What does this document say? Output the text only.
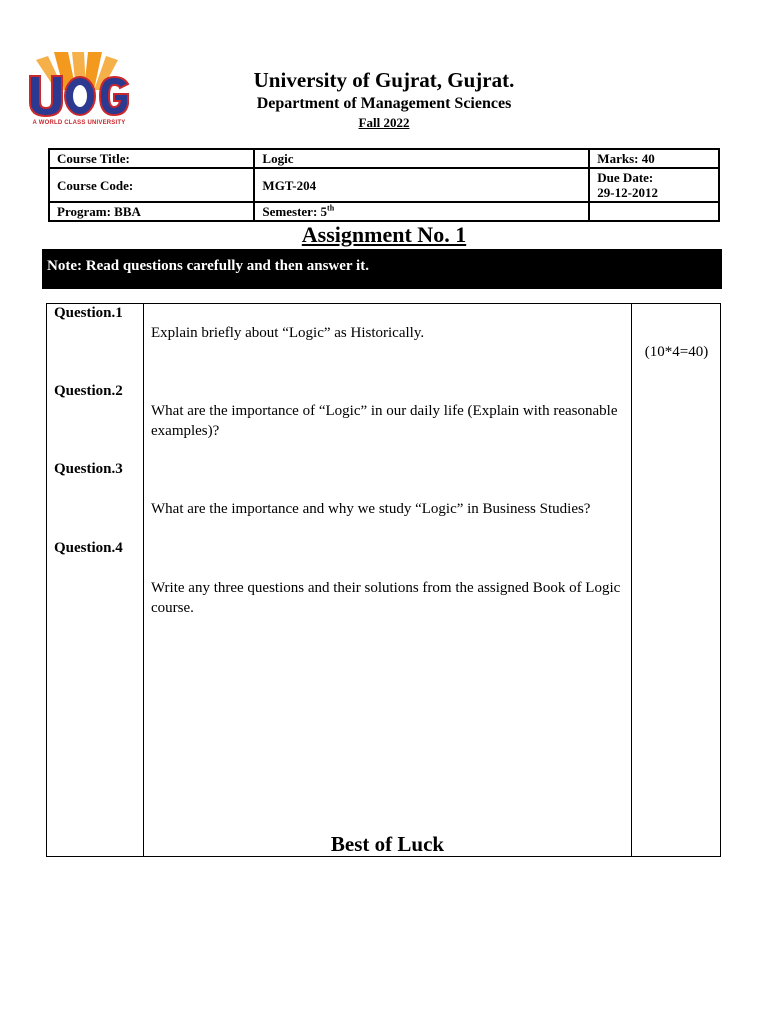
A WORLD CLASS UNIVERSITY
University of Gujrat, Gujrat.
Department of Management Sciences
Fall 2022
Course Title:	Logic	Marks: 40
Course Code:	MGT-204	Due Date:
29-12-2012

Program: BBA	Semester: 5th	
Assignment No. 1
Note: Read questions carefully and then answer it.
Question.1
Explain briefly about “Logic” as Historically.
Question.2
What are the importance of “Logic” in our daily life (Explain with reasonable examples)?
Question.3
What are the importance and why we study “Logic” in Business Studies?
Question.4
Write any three questions and their solutions from the assigned Book of Logic course.
(10*4=40)
Best of Luck
